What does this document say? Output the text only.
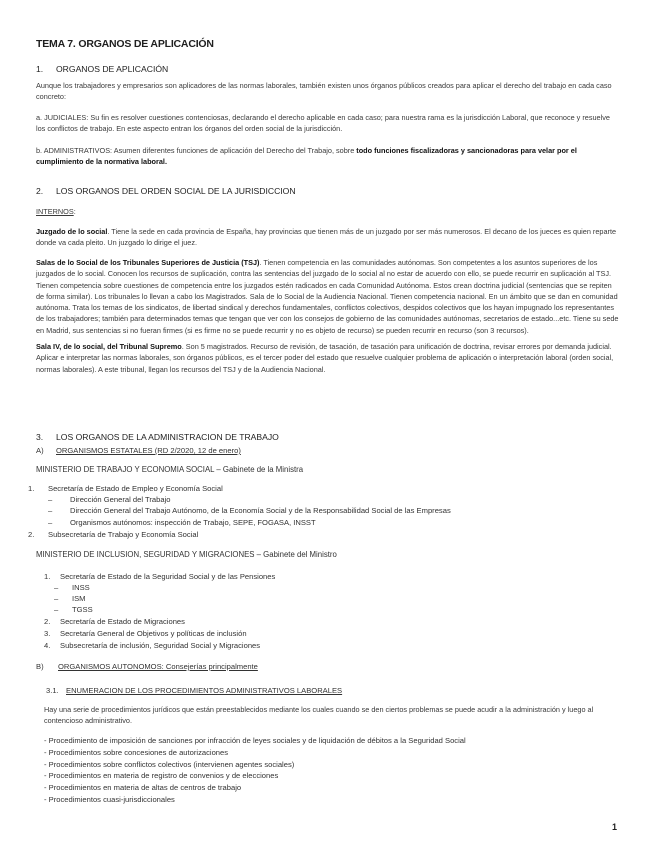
TEMA 7. ORGANOS DE APLICACIÓN
1. ORGANOS DE APLICACIÓN
Aunque los trabajadores y empresarios son aplicadores de las normas laborales, también existen unos órganos públicos creados para aplicar el derecho del trabajo en cada caso concreto:
a. JUDICIALES: Su fin es resolver cuestiones contenciosas, declarando el derecho aplicable en cada caso; para nuestra rama es la jurisdicción Laboral, que reconoce y resuelve los conflictos de trabajo. En este aspecto entran los órganos del orden social de la jurisdicción.
b. ADMINISTRATIVOS: Asumen diferentes funciones de aplicación del Derecho del Trabajo, sobre todo funciones fiscalizadoras y sancionadoras para velar por el cumplimiento de la normativa laboral.
2. LOS ORGANOS DEL ORDEN SOCIAL DE LA JURISDICCION
INTERNOS:
Juzgado de lo social. Tiene la sede en cada provincia de España, hay provincias que tienen más de un juzgado por ser más numerosos. El decano de los jueces es quien reparte donde va cada pleito. Un juzgado lo dirige el juez.
Salas de lo Social de los Tribunales Superiores de Justicia (TSJ). Tienen competencia en las comunidades autónomas. Son competentes a los asuntos superiores de los juzgados de lo social. Conocen los recursos de suplicación, contra las sentencias del juzgado de lo social al no estar de acuerdo con ello, se puede recurrir en suplicación al TSJ. Tienen competencia sobre cuestiones de competencia entre los juzgados estén radicados en cada Comunidad Autónoma. Estos crean doctrina judicial (sentencias que se repiten de forma similar). Los tribunales lo llevan a cabo los Magistrados. Sala de lo Social de la Audiencia Nacional. Tienen competencia nacional. En un ámbito que se dan en comunidad autónoma. Trata los temas de los sindicatos, de libertad sindical y derechos fundamentales, conflictos colectivos, despidos colectivos que los hayan impugnado los representantes de los trabajadores; también para determinados temas que tengan que ver con los consejos de gobierno de las comunidades autónomas, secretarios de estado...etc. Tiene su sede en Madrid, sus sentencias si no fueran firmes (si es firme no se puede recurrir y no es objeto de recurso) se pueden recurrir en recurso (son 3 recursos).
Sala IV, de lo social, del Tribunal Supremo. Son 5 magistrados. Recurso de revisión, de tasación, de tasación para unificación de doctrina, revisar errores por demanda judicial. Aplicar e interpretar las normas laborales, son órganos públicos, es el tercer poder del estado que resuelve cualquier problema de aplicación o interpretación laboral (orden social, normas laborales). A este tribunal, llegan los recursos del TSJ y de la Audiencia Nacional.
3. LOS ORGANOS DE LA ADMINISTRACION DE TRABAJO
A) ORGANISMOS ESTATALES (RD 2/2020, 12 de enero)
MINISTERIO DE TRABAJO Y ECONOMIA SOCIAL – Gabinete de la Ministra
1. Secretaría de Estado de Empleo y Economía Social
– Dirección General del Trabajo
– Dirección General del Trabajo Autónomo, de la Economía Social y de la Responsabilidad Social de las Empresas
– Organismos autónomos: inspección de Trabajo, SEPE, FOGASA, INSST
2. Subsecretaría de Trabajo y Economía Social
MINISTERIO DE INCLUSION, SEGURIDAD Y MIGRACIONES – Gabinete del Ministro
1. Secretaría de Estado de la Seguridad Social y de las Pensiones
– INSS
– ISM
– TGSS
2. Secretaría de Estado de Migraciones
3. Secretaría General de Objetivos y políticas de inclusión
4. Subsecretaría de inclusión, Seguridad Social y Migraciones
B) ORGANISMOS AUTONOMOS: Consejerías principalmente
3.1. ENUMERACION DE LOS PROCEDIMIENTOS ADMINISTRATIVOS LABORALES
Hay una serie de procedimientos jurídicos que están preestablecidos mediante los cuales cuando se den ciertos problemas se puede acudir a la administración y luego al contencioso administrativo.
- Procedimiento de imposición de sanciones por infracción de leyes sociales y de liquidación de débitos a la Seguridad Social
- Procedimientos sobre concesiones de autorizaciones
- Procedimientos sobre conflictos colectivos (intervienen agentes sociales)
- Procedimientos en materia de registro de convenios y de elecciones
- Procedimientos en materia de altas de centros de trabajo
- Procedimientos cuasi-jurisdiccionales
1
